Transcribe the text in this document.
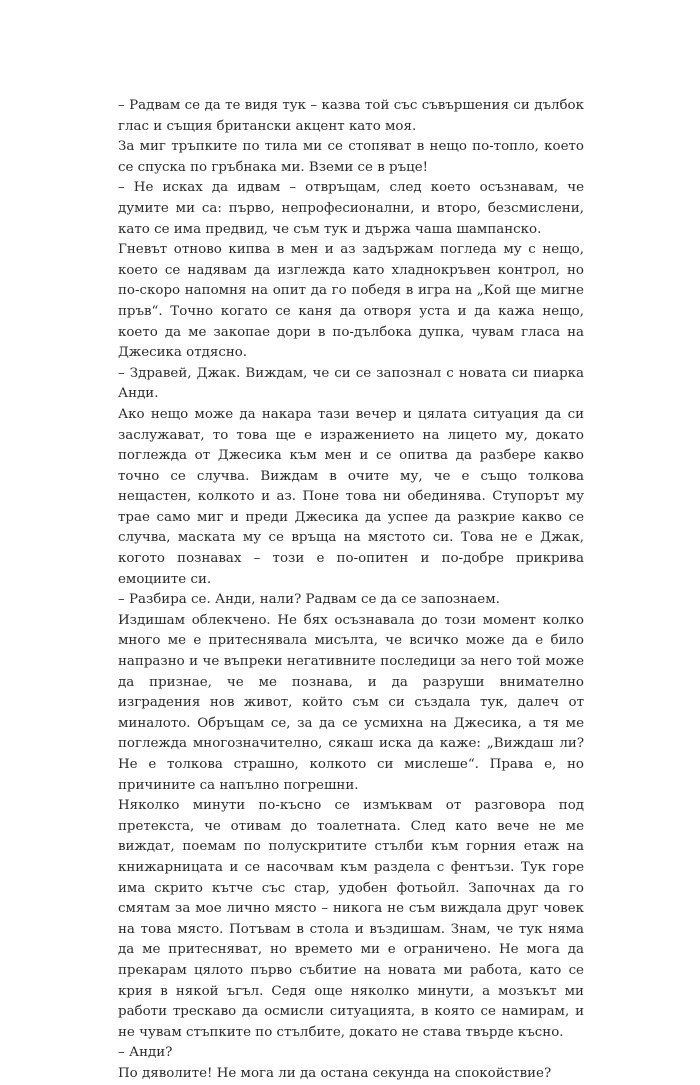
– Радвам се да те видя тук – казва той със съвършения си дълбок глас и същия британски акцент като моя.

За миг тръпките по тила ми се стопяват в нещо по-топло, което се спуска по гръбнака ми. Вземи се в ръце!

– Не исках да идвам – отвръщам, след което осъзнавам, че думите ми са: първо, непрофесионални, и второ, безсмислени, като се има предвид, че съм тук и държа чаша шампанско.

Гневът отново кипва в мен и аз задържам погледа му с нещо, което се надявам да изглежда като хладнокръвен контрол, но по-скоро напомня на опит да го победя в игра на „Кой ще мигне пръв“. Точно когато се каня да отворя уста и да кажа нещо, което да ме закопае дори в по-дълбока дупка, чувам гласа на Джесика отдясно.

– Здравей, Джак. Виждам, че си се запознал с новата си пиарка Анди.

Ако нещо може да накара тази вечер и цялата ситуация да си заслужават, то това ще е изражението на лицето му, докато поглежда от Джесика към мен и се опитва да разбере какво точно се случва. Виждам в очите му, че е също толкова нещастен, колкото и аз. Поне това ни обединява. Ступорът му трае само миг и преди Джесика да успее да разкрие какво се случва, маската му се връща на мястото си. Това не е Джак, когото познавах – този е по-опитен и по-добре прикрива емоциите си.

– Разбира се. Анди, нали? Радвам се да се запознаем.

Издишам облекчено. Не бях осъзнавала до този момент колко много ме е притеснявала мисълта, че всичко може да е било напразно и че въпреки негативните последици за него той може да признае, че ме познава, и да разруши внимателно изградения нов живот, който съм си създала тук, далеч от миналото. Обръщам се, за да се усмихна на Джесика, а тя ме поглежда многозначително, сякаш иска да каже: „Виждаш ли? Не е толкова страшно, колкото си мислеше“. Права е, но причините са напълно погрешни.

Няколко минути по-късно се измъквам от разговора под претекста, че отивам до тоалетната. След като вече не ме виждат, поемам по полускритите стълби към горния етаж на книжарницата и се насочвам към раздела с фентъзи. Тук горе има скрито кътче със стар, удобен фотьойл. Започнах да го смятам за мое лично място – никога не съм виждала друг човек на това място. Потъвам в стола и въздишам. Знам, че тук няма да ме притесняват, но времето ми е ограничено. Не мога да прекарам цялото първо събитие на новата ми работа, като се крия в някой ъгъл. Седя още няколко минути, а мозъкът ми работи трескаво да осмисли ситуацията, в която се намирам, и не чувам стъпките по стълбите, докато не става твърде късно.

– Анди?

По дяволите! Не мога ли да остана секунда на спокойствие?
